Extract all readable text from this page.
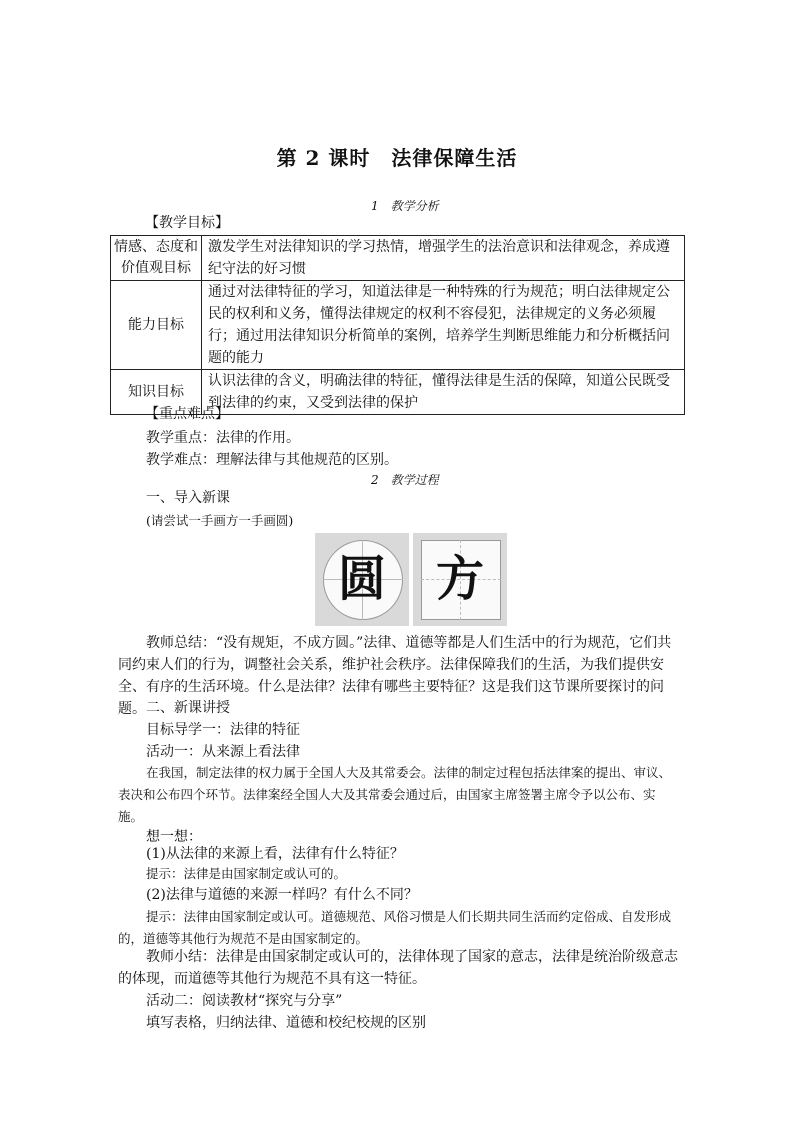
第 2 课时　法律保障生活
1　教学分析
【教学目标】
情感、态度和价值观目标	激发学生对法律知识的学习热情，增强学生的法治意识和法律观念，养成遵纪守法的好习惯
能力目标	通过对法律特征的学习，知道法律是一种特殊的行为规范；明白法律规定公民的权利和义务，懂得法律规定的权利不容侵犯，法律规定的义务必须履行；通过用法律知识分析简单的案例，培养学生判断思维能力和分析概括问题的能力
知识目标	认识法律的含义，明确法律的特征，懂得法律是生活的保障，知道公民既受到法律的约束，又受到法律的保护
【重点难点】
教学重点：法律的作用。
教学难点：理解法律与其他规范的区别。
2　教学过程
一、导入新课
(请尝试一手画方一手画圆)
圆	方
教师总结：“没有规矩，不成方圆。”法律、道德等都是人们生活中的行为规范，它们共同约束人们的行为，调整社会关系，维护社会秩序。法律保障我们的生活，为我们提供安全、有序的生活环境。什么是法律？法律有哪些主要特征？这是我们这节课所要探讨的问题。 二、新课讲授
目标导学一：法律的特征
活动一：从来源上看法律
在我国，制定法律的权力属于全国人大及其常委会。法律的制定过程包括法律案的提出、审议、表决和公布四个环节。法律案经全国人大及其常委会通过后，由国家主席签署主席令予以公布、实施。
想一想：
(1)从法律的来源上看，法律有什么特征？
提示：法律是由国家制定或认可的。
(2)法律与道德的来源一样吗？有什么不同？
提示：法律由国家制定或认可。道德规范、风俗习惯是人们长期共同生活而约定俗成、自发形成的，道德等其他行为规范不是由国家制定的。
教师小结：法律是由国家制定或认可的，法律体现了国家的意志，法律是统治阶级意志的体现，而道德等其他行为规范不具有这一特征。
活动二：阅读教材“探究与分享”
填写表格，归纳法律、道德和校纪校规的区别
